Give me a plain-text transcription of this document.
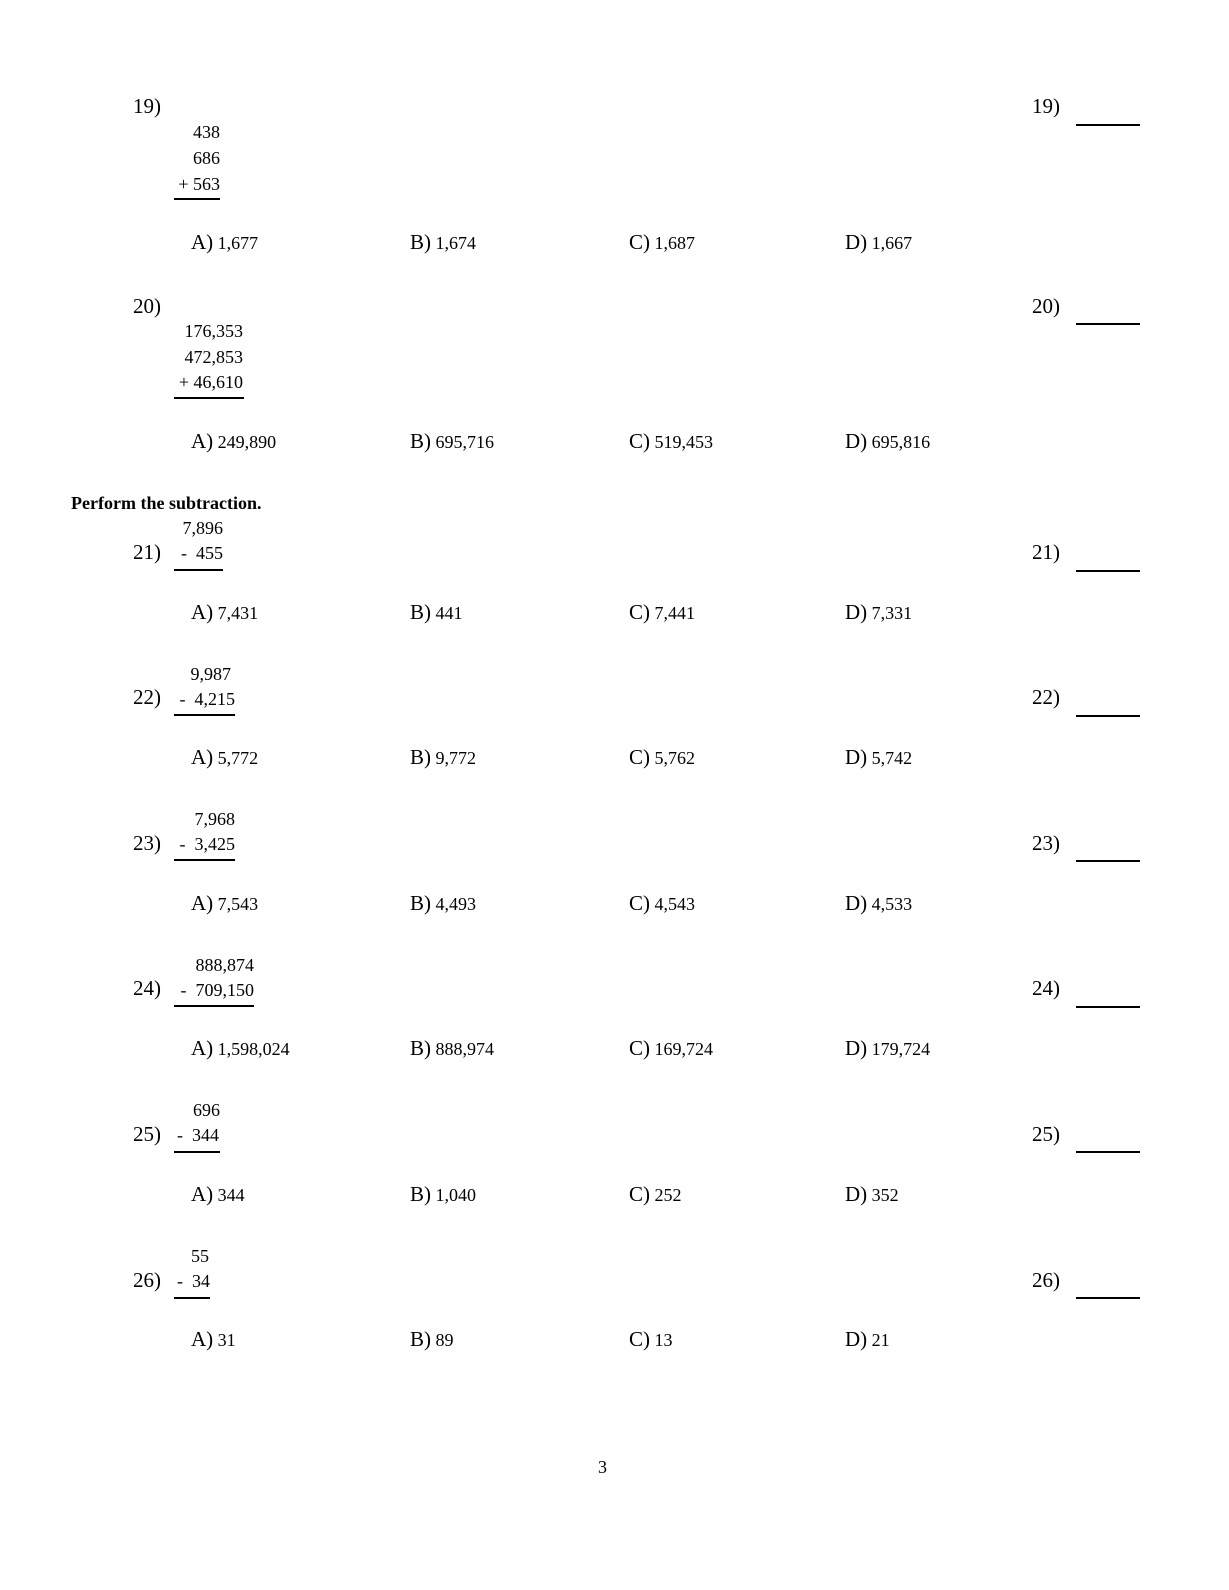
19)	19)
438
686
+ 563
A) 1,677	B) 1,674	C) 1,687	D) 1,667
20)	20)
176,353
472,853
+ 46,610
A) 249,890	B) 695,716	C) 519,453	D) 695,816
Perform the subtraction.
7,896
21) -  455	21)
A) 7,431	B) 441	C) 7,441	D) 7,331
9,987
22) -  4,215	22)
A) 5,772	B) 9,772	C) 5,762	D) 5,742
7,968
23) -  3,425	23)
A) 7,543	B) 4,493	C) 4,543	D) 4,533
888,874
24) -  709,150	24)
A) 1,598,024	B) 888,974	C) 169,724	D) 179,724
696
25) -  344	25)
A) 344	B) 1,040	C) 252	D) 352
55
26) -  34	26)
A) 31	B) 89	C) 13	D) 21
3
